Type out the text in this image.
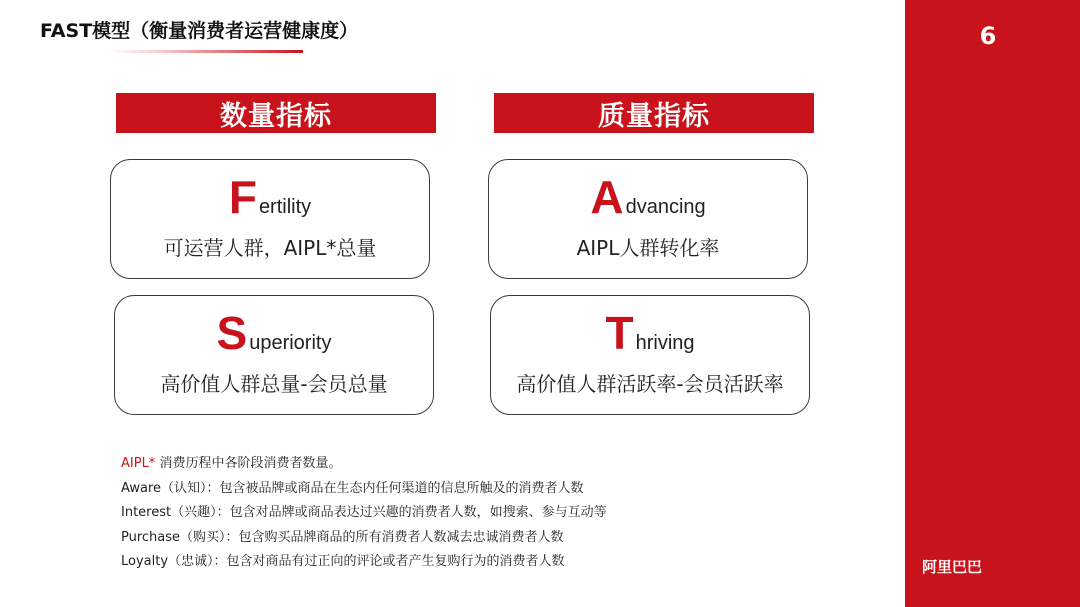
FAST模型（衡量消费者运营健康度）	6
阿里巴巴
数量指标	质量指标
F ertility
可运营人群，AIPL*总量
A dvancing
AIPL人群转化率
S uperiority
高价值人群总量-会员总量
T hriving
高价值人群活跃率-会员活跃率
AIPL* 消费历程中各阶段消费者数量。
Aware（认知）：包含被品牌或商品在生态内任何渠道的信息所触及的消费者人数
Interest（兴趣）：包含对品牌或商品表达过兴趣的消费者人数，如搜索、参与互动等
Purchase（购买）：包含购买品牌商品的所有消费者人数减去忠诚消费者人数
Loyalty（忠诚）：包含对商品有过正向的评论或者产生复购行为的消费者人数
